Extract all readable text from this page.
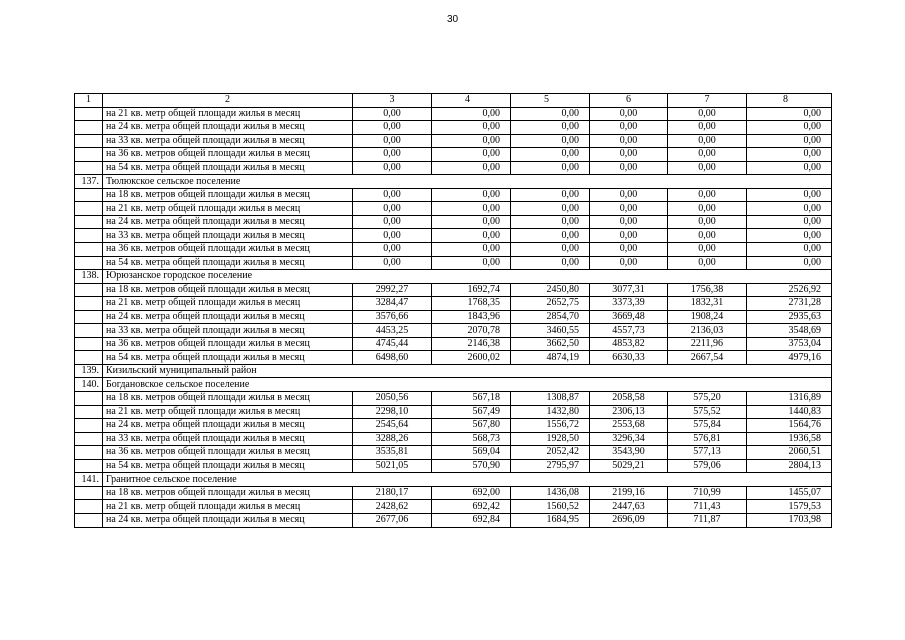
30
1	2	3	4	5	6	7	8
	на 21 кв. метр общей площади жилья в месяц	0,00	0,00	0,00	0,00	0,00	0,00
	на 24 кв. метра общей площади жилья в месяц	0,00	0,00	0,00	0,00	0,00	0,00
	на 33 кв. метра общей площади жилья в месяц	0,00	0,00	0,00	0,00	0,00	0,00
	на 36 кв. метров общей площади жилья в месяц	0,00	0,00	0,00	0,00	0,00	0,00
	на 54 кв. метра общей площади жилья в месяц	0,00	0,00	0,00	0,00	0,00	0,00
137.	Тюлюкское сельское поселение						
	на 18 кв. метров общей площади жилья в месяц	0,00	0,00	0,00	0,00	0,00	0,00
	на 21 кв. метр общей площади жилья в месяц	0,00	0,00	0,00	0,00	0,00	0,00
	на 24 кв. метра общей площади жилья в месяц	0,00	0,00	0,00	0,00	0,00	0,00
	на 33 кв. метра общей площади жилья в месяц	0,00	0,00	0,00	0,00	0,00	0,00
	на 36 кв. метров общей площади жилья в месяц	0,00	0,00	0,00	0,00	0,00	0,00
	на 54 кв. метра общей площади жилья в месяц	0,00	0,00	0,00	0,00	0,00	0,00
138.	Юрюзанское городское поселение						
	на 18 кв. метров общей площади жилья в месяц	2992,27	1692,74	2450,80	3077,31	1756,38	2526,92
	на 21 кв. метр общей площади жилья в месяц	3284,47	1768,35	2652,75	3373,39	1832,31	2731,28
	на 24 кв. метра общей площади жилья в месяц	3576,66	1843,96	2854,70	3669,48	1908,24	2935,63
	на 33 кв. метра общей площади жилья в месяц	4453,25	2070,78	3460,55	4557,73	2136,03	3548,69
	на 36 кв. метров общей площади жилья в месяц	4745,44	2146,38	3662,50	4853,82	2211,96	3753,04
	на 54 кв. метра общей площади жилья в месяц	6498,60	2600,02	4874,19	6630,33	2667,54	4979,16
139.	Кизильский муниципальный район						
140.	Богдановское сельское поселение						
	на 18 кв. метров общей площади жилья в месяц	2050,56	567,18	1308,87	2058,58	575,20	1316,89
	на 21 кв. метр общей площади жилья в месяц	2298,10	567,49	1432,80	2306,13	575,52	1440,83
	на 24 кв. метра общей площади жилья в месяц	2545,64	567,80	1556,72	2553,68	575,84	1564,76
	на 33 кв. метра общей площади жилья в месяц	3288,26	568,73	1928,50	3296,34	576,81	1936,58
	на 36 кв. метров общей площади жилья в месяц	3535,81	569,04	2052,42	3543,90	577,13	2060,51
	на 54 кв. метра общей площади жилья в месяц	5021,05	570,90	2795,97	5029,21	579,06	2804,13
141.	Гранитное сельское поселение						
	на 18 кв. метров общей площади жилья в месяц	2180,17	692,00	1436,08	2199,16	710,99	1455,07
	на 21 кв. метр общей площади жилья в месяц	2428,62	692,42	1560,52	2447,63	711,43	1579,53
	на 24 кв. метра общей площади жилья в месяц	2677,06	692,84	1684,95	2696,09	711,87	1703,98
